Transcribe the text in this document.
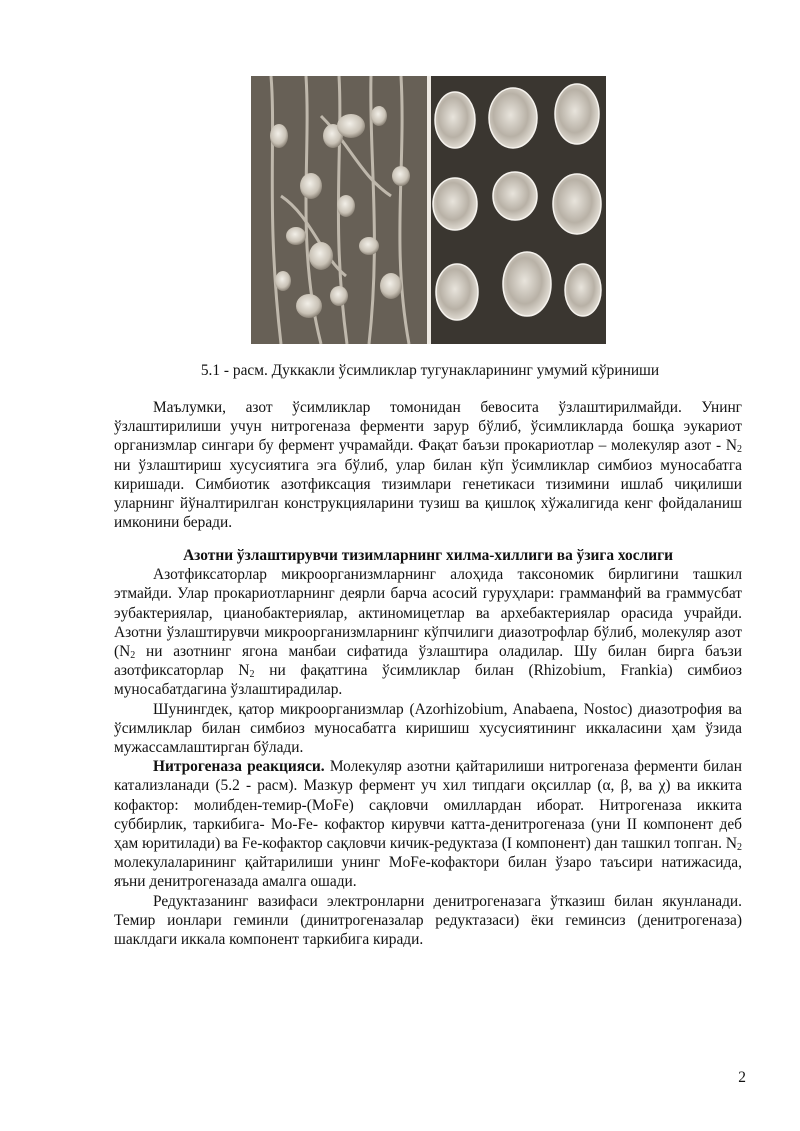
5.1 - расм. Дуккакли ўсимликлар тугунакларининг умумий кўриниши

Маълумки, азот ўсимликлар томонидан бевосита ўзлаштирилмайди. Унинг ўзлаштирилиши учун нитрогеназа ферменти зарур бўлиб, ўсимликларда бошқа эукариот организмлар сингари бу фермент учрамайди. Фақат баъзи прокариотлар – молекуляр азот - $N_2$ ни ўзлаштириш хусусиятига эга бўлиб, улар билан кўп ўсимликлар симбиоз муносабатга киришади. Симбиотик азотфиксация тизимлари генетикаси тизимини ишлаб чиқилиши уларнинг йўналтирилган конструкцияларини тузиш ва қишлоқ хўжалигида кенг фойдаланиш имконини беради.

Азотни ўзлаштирувчи тизимларнинг хилма-хиллиги ва ўзига хослиги

Азотфиксаторлар микроорганизмларнинг алоҳида таксономик бирлигини ташкил этмайди. Улар прокариотларнинг деярли барча асосий гуруҳлари: грамманфий ва граммусбат эубактериялар, цианобактериялар, актиномицетлар ва архебактериялар орасида учрайди. Азотни ўзлаштирувчи микроорганизмларнинг кўпчилиги диазотрофлар бўлиб, молекуляр азот ($N_2$ ни азотнинг ягона манбаи сифатида ўзлаштира оладилар. Шу билан бирга баъзи азотфиксаторлар $N_2$ ни фақатгина ўсимликлар билан (Rhizobium, Frankia) симбиоз муносабатдагина ўзлаштирадилар.

Шунингдек, қатор микроорганизмлар (Azorhizobium, Anabaena, Nostoc) диазотрофия ва ўсимликлар билан симбиоз муносабатга киришиш хусусиятининг иккаласини ҳам ўзида мужассамлаштирган бўлади.

Нитрогеназа реакцияси. Молекуляр азотни қайтарилиши нитрогеназа ферменти билан катализланади (5.2 - расм). Мазкур фермент уч хил типдаги оқсиллар (α, β, ва χ) ва иккита кофактор: молибден-темир-(MoFe) сақловчи омиллардан иборат. Нитрогеназа иккита суббирлик, таркибига- Mo-Fe- кофактор кирувчи катта-денитрогеназа (уни II компонент деб ҳам юритилади) ва Fe-кофактор сақловчи кичик-редуктаза (I компонент) дан ташкил топган. $N_2$ молекулаларининг қайтарилиши унинг MoFe-кофактори билан ўзаро таъсири натижасида, яъни денитрогеназада амалга ошади.

Редуктазанинг вазифаси электронларни денитрогеназага ўтказиш билан якунланади. Темир ионлари геминли (динитрогеназалар редуктазаси) ёки геминсиз (денитрогеназа) шаклдаги иккала компонент таркибига киради.

2
